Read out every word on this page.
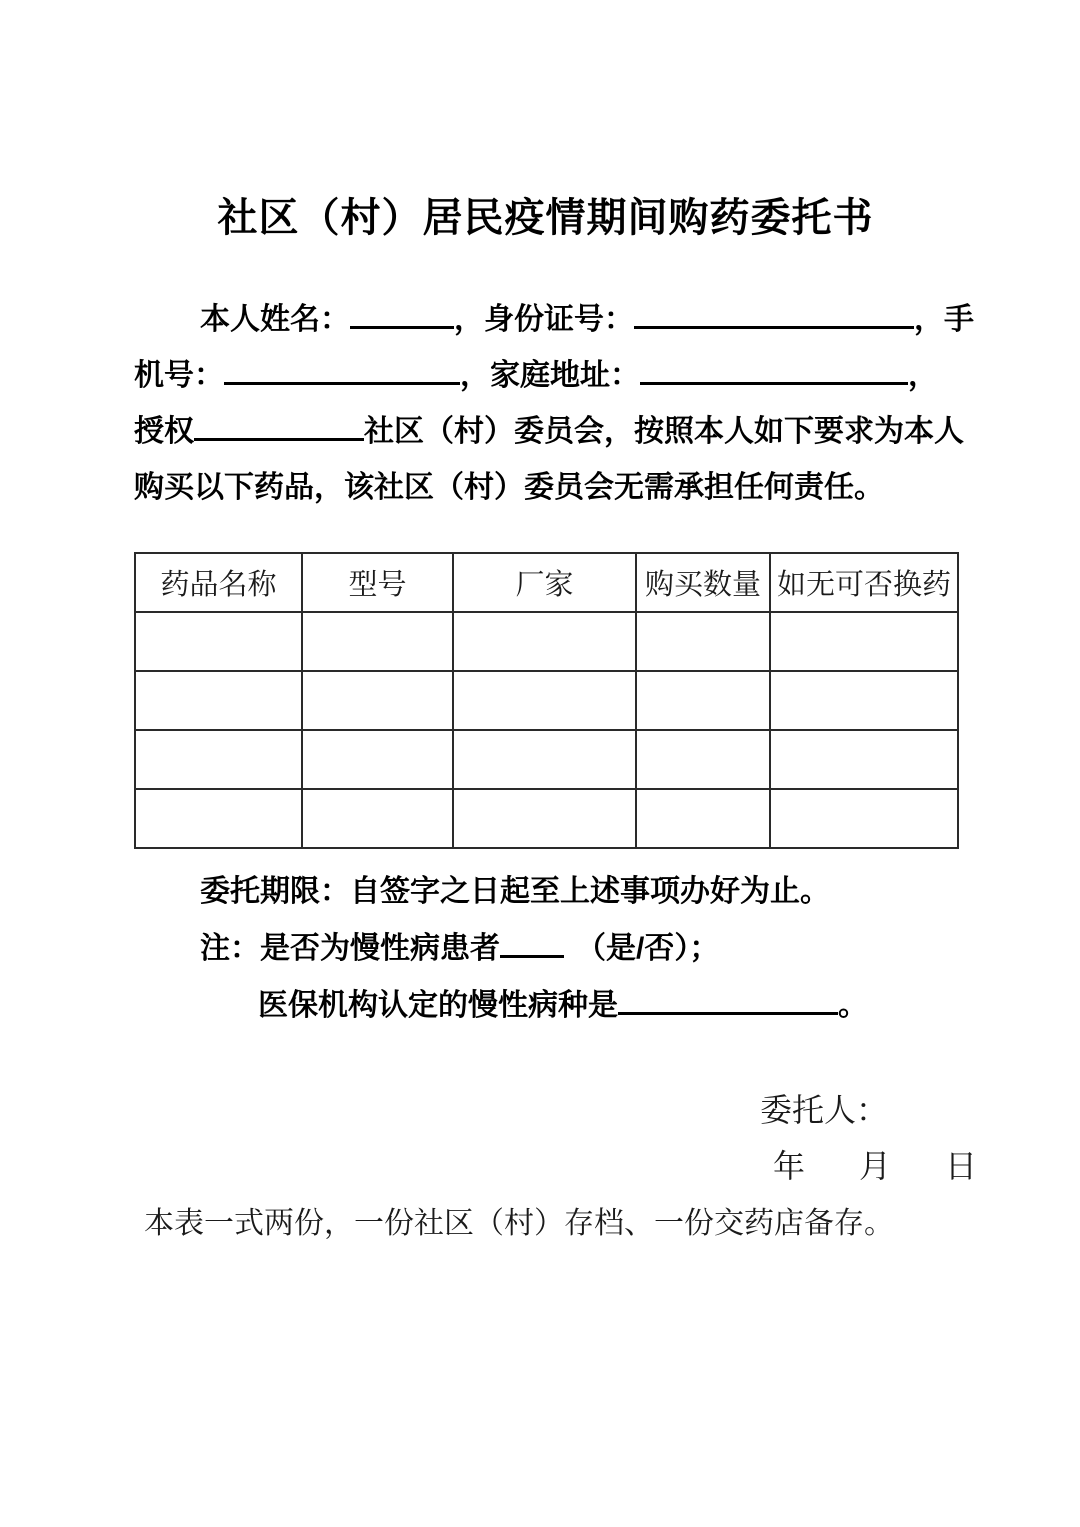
社区（村）居民疫情期间购药委托书
本人姓名：	，身份证号：	，手
机号：	，家庭地址：	，
授权	社区（村）委员会，按照本人如下要求为本人
购买以下药品，该社区（村）委员会无需承担任何责任。
药品名称	型号	厂家	购买数量	如无可否换药

委托期限：自签字之日起至上述事项办好为止。
注：是否为慢性病患者	（是/否）；
医保机构认定的慢性病种是	。
委托人：
年 月 日
本表一式两份，一份社区（村）存档、一份交药店备存。
